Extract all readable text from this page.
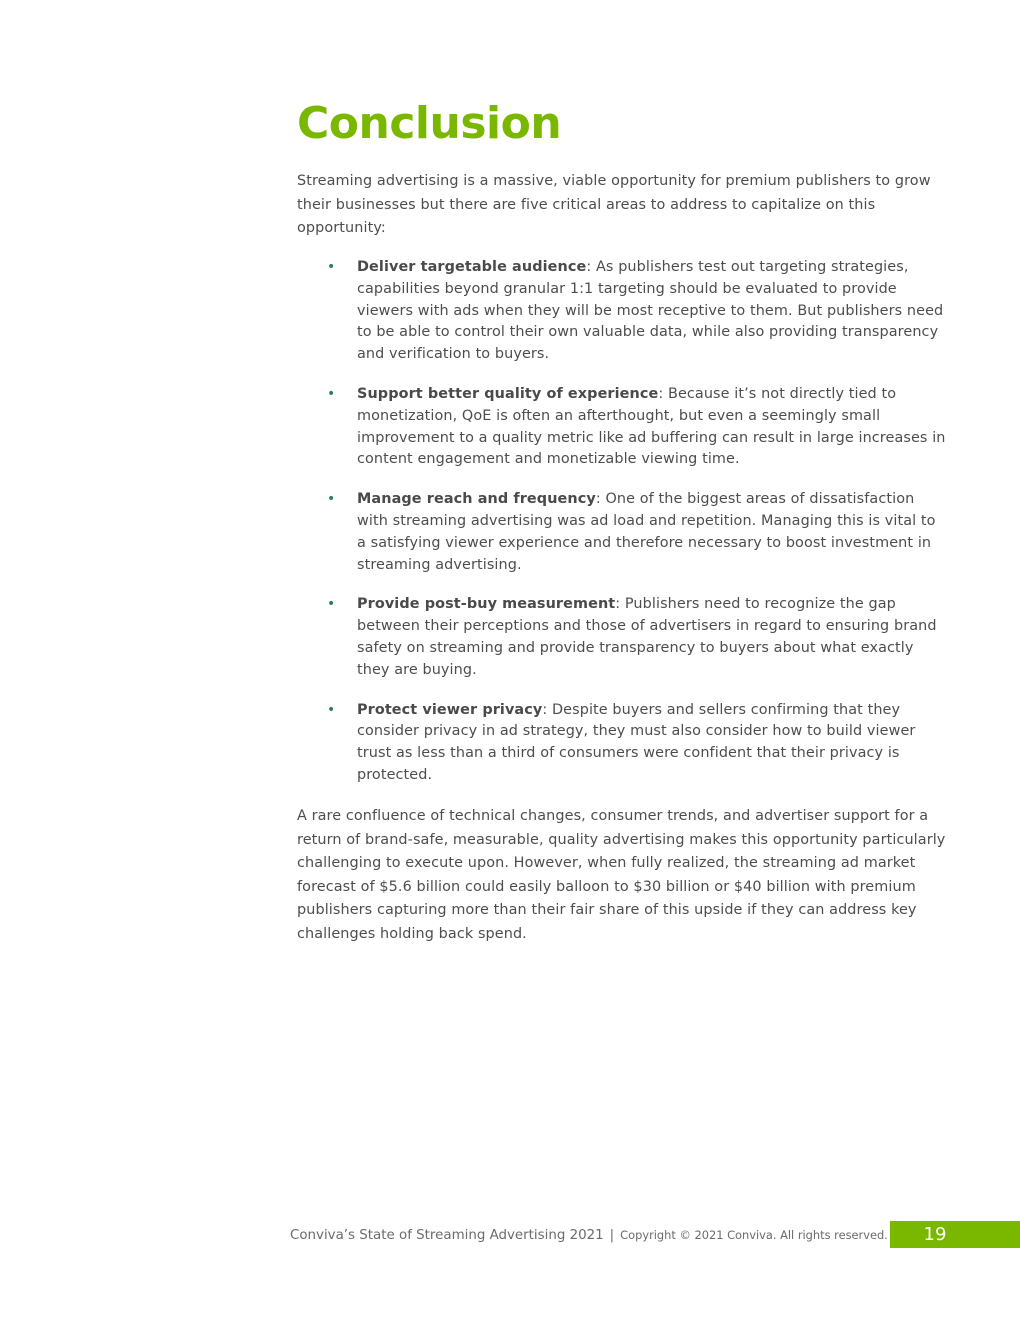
Conclusion

Streaming advertising is a massive, viable opportunity for premium publishers to grow their businesses but there are five critical areas to address to capitalize on this opportunity:

• Deliver targetable audience: As publishers test out targeting strategies, capabilities beyond granular 1:1 targeting should be evaluated to provide viewers with ads when they will be most receptive to them. But publishers need to be able to control their own valuable data, while also providing transparency and verification to buyers.
• Support better quality of experience: Because it’s not directly tied to monetization, QoE is often an afterthought, but even a seemingly small improvement to a quality metric like ad buffering can result in large increases in content engagement and monetizable viewing time.
• Manage reach and frequency: One of the biggest areas of dissatisfaction with streaming advertising was ad load and repetition. Managing this is vital to a satisfying viewer experience and therefore necessary to boost investment in streaming advertising.
• Provide post-buy measurement: Publishers need to recognize the gap between their perceptions and those of advertisers in regard to ensuring brand safety on streaming and provide transparency to buyers about what exactly they are buying.
• Protect viewer privacy: Despite buyers and sellers confirming that they consider privacy in ad strategy, they must also consider how to build viewer trust as less than a third of consumers were confident that their privacy is protected.

A rare confluence of technical changes, consumer trends, and advertiser support for a return of brand-safe, measurable, quality advertising makes this opportunity particularly challenging to execute upon. However, when fully realized, the streaming ad market forecast of $5.6 billion could easily balloon to $30 billion or $40 billion with premium publishers capturing more than their fair share of this upside if they can address key challenges holding back spend.

Conviva’s State of Streaming Advertising 2021 | Copyright © 2021 Conviva. All rights reserved.	19
